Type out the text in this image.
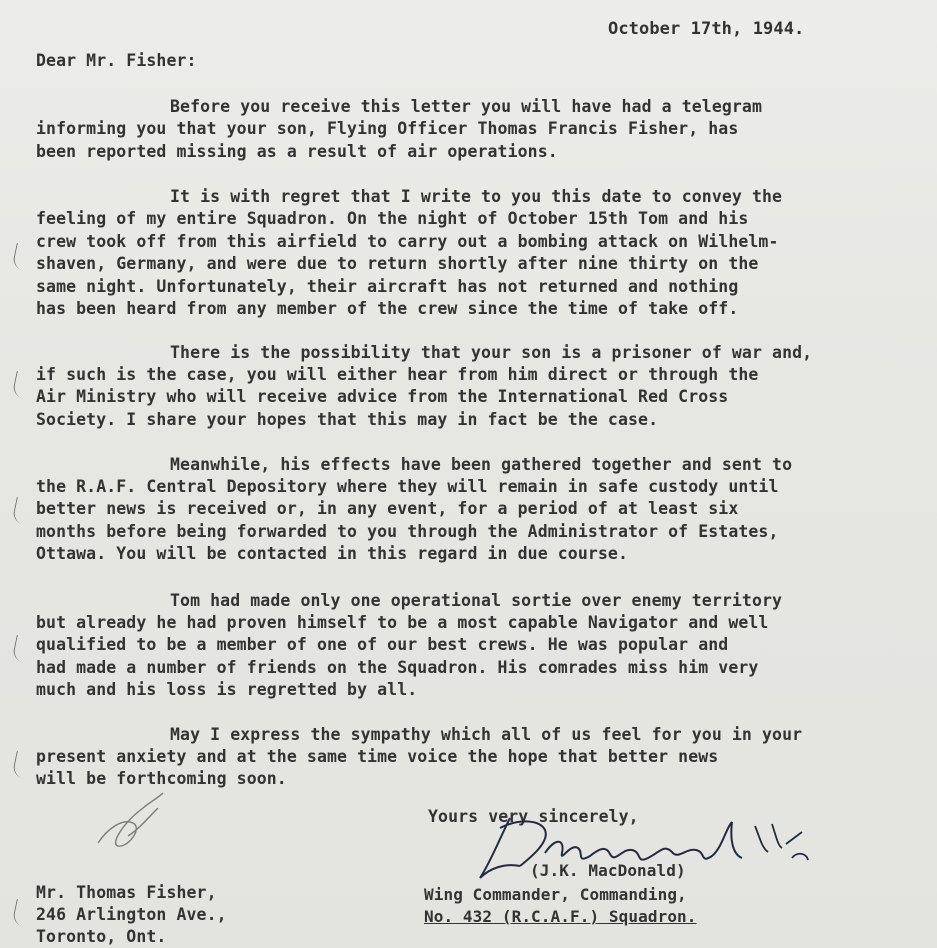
October 17th, 1944.
Dear Mr. Fisher:
Before you receive this letter you will have had a telegram
informing you that your son, Flying Officer Thomas Francis Fisher, has
been reported missing as a result of air operations.
It is with regret that I write to you this date to convey the
feeling of my entire Squadron. On the night of October 15th Tom and his
crew took off from this airfield to carry out a bombing attack on Wilhelm-
shaven, Germany, and were due to return shortly after nine thirty on the
same night. Unfortunately, their aircraft has not returned and nothing
has been heard from any member of the crew since the time of take off.
There is the possibility that your son is a prisoner of war and,
if such is the case, you will either hear from him direct or through the
Air Ministry who will receive advice from the International Red Cross
Society. I share your hopes that this may in fact be the case.
Meanwhile, his effects have been gathered together and sent to
the R.A.F. Central Depository where they will remain in safe custody until
better news is received or, in any event, for a period of at least six
months before being forwarded to you through the Administrator of Estates,
Ottawa. You will be contacted in this regard in due course.
Tom had made only one operational sortie over enemy territory
but already he had proven himself to be a most capable Navigator and well
qualified to be a member of one of our best crews. He was popular and
had made a number of friends on the Squadron. His comrades miss him very
much and his loss is regretted by all.
May I express the sympathy which all of us feel for you in your
present anxiety and at the same time voice the hope that better news
will be forthcoming soon.
Yours very sincerely,
(J.K. MacDonald)
Wing Commander, Commanding,
No. 432 (R.C.A.F.) Squadron.
Mr. Thomas Fisher,
246 Arlington Ave.,
Toronto, Ont.
